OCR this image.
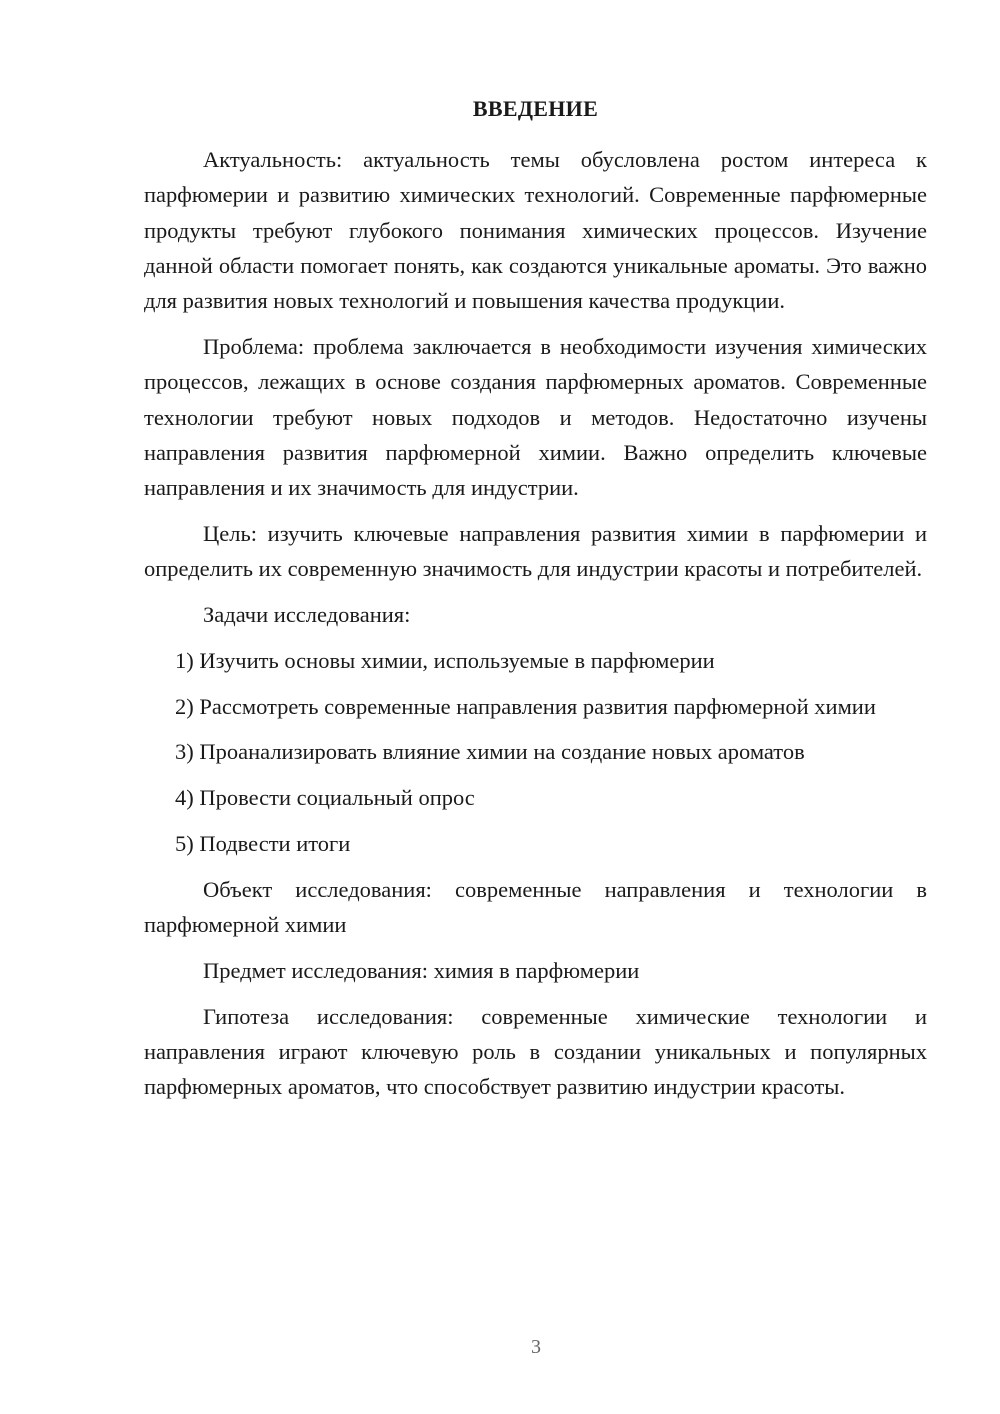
ВВЕДЕНИЕ

Актуальность: актуальность темы обусловлена ростом интереса к парфюмерии и развитию химических технологий. Современные парфюмерные продукты требуют глубокого понимания химических процессов. Изучение данной области помогает понять, как создаются уникальные ароматы. Это важно для развития новых технологий и повышения качества продукции.

Проблема: проблема заключается в необходимости изучения химических процессов, лежащих в основе создания парфюмерных ароматов. Современные технологии требуют новых подходов и методов. Недостаточно изучены направления развития парфюмерной химии. Важно определить ключевые направления и их значимость для индустрии.

Цель: изучить ключевые направления развития химии в парфюмерии и определить их современную значимость для индустрии красоты и потребителей.

Задачи исследования:

1) Изучить основы химии, используемые в парфюмерии

2) Рассмотреть современные направления развития парфюмерной химии

3) Проанализировать влияние химии на создание новых ароматов

4) Провести социальный опрос

5) Подвести итоги

Объект исследования: современные направления и технологии в парфюмерной химии

Предмет исследования: химия в парфюмерии

Гипотеза исследования: современные химические технологии и направления играют ключевую роль в создании уникальных и популярных парфюмерных ароматов, что способствует развитию индустрии красоты.

3
